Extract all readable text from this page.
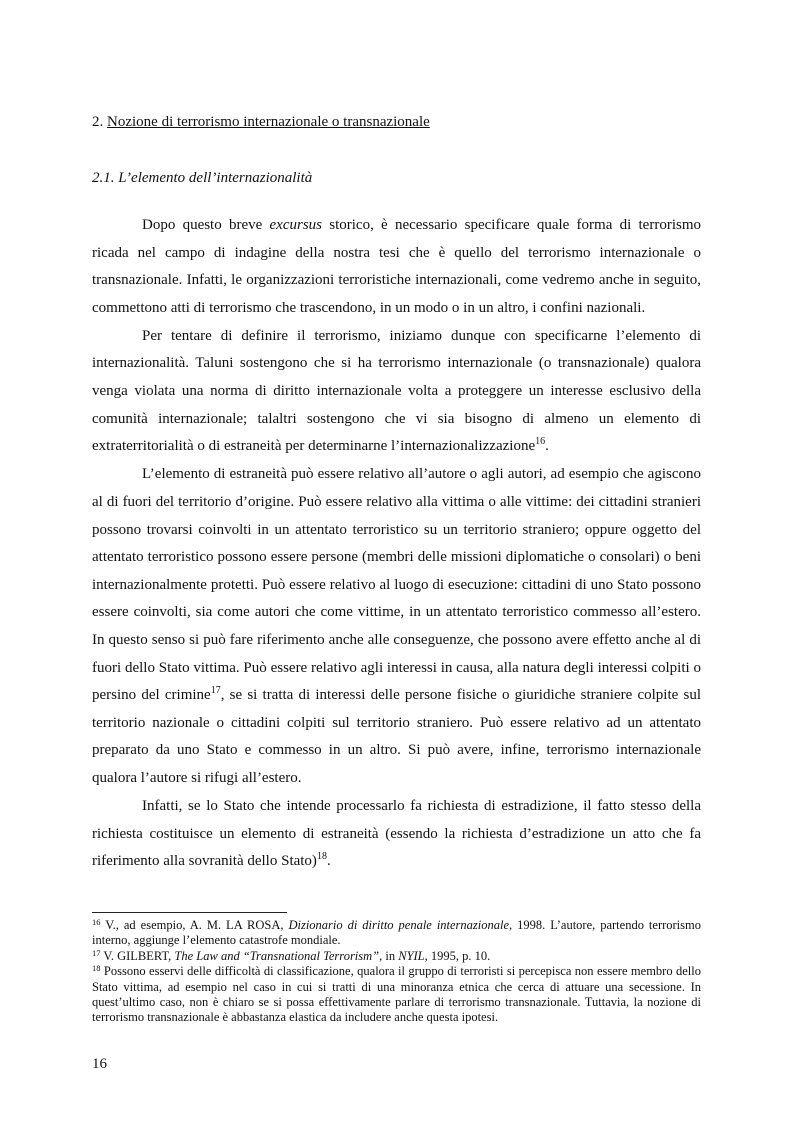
2. Nozione di terrorismo internazionale o transnazionale
2.1. L’elemento dell’internazionalità

Dopo questo breve excursus storico, è necessario specificare quale forma di terrorismo ricada nel campo di indagine della nostra tesi che è quello del terrorismo internazionale o transnazionale. Infatti, le organizzazioni terroristiche internazionali, come vedremo anche in seguito, commettono atti di terrorismo che trascendono, in un modo o in un altro, i confini nazionali.

Per tentare di definire il terrorismo, iniziamo dunque con specificarne l’elemento di internazionalità. Taluni sostengono che si ha terrorismo internazionale (o transnazionale) qualora venga violata una norma di diritto internazionale volta a proteggere un interesse esclusivo della comunità internazionale; talaltri sostengono che vi sia bisogno di almeno un elemento di extraterritorialità o di estraneità per determinarne l’internazionalizzazione$^{16}$.

L’elemento di estraneità può essere relativo all’autore o agli autori, ad esempio che agiscono al di fuori del territorio d’origine. Può essere relativo alla vittima o alle vittime: dei cittadini stranieri possono trovarsi coinvolti in un attentato terroristico su un territorio straniero; oppure oggetto del attentato terroristico possono essere persone (membri delle missioni diplomatiche o consolari) o beni internazionalmente protetti. Può essere relativo al luogo di esecuzione: cittadini di uno Stato possono essere coinvolti, sia come autori che come vittime, in un attentato terroristico commesso all’estero. In questo senso si può fare riferimento anche alle conseguenze, che possono avere effetto anche al di fuori dello Stato vittima. Può essere relativo agli interessi in causa, alla natura degli interessi colpiti o persino del crimine$^{17}$, se si tratta di interessi delle persone fisiche o giuridiche straniere colpite sul territorio nazionale o cittadini colpiti sul territorio straniero. Può essere relativo ad un attentato preparato da uno Stato e commesso in un altro. Si può avere, infine, terrorismo internazionale qualora l’autore si rifugi all’estero.

Infatti, se lo Stato che intende processarlo fa richiesta di estradizione, il fatto stesso della richiesta costituisce un elemento di estraneità (essendo la richiesta d’estradizione un atto che fa riferimento alla sovranità dello Stato)$^{18}$.

$^{16}$ V., ad esempio, A. M. LA ROSA, Dizionario di diritto penale internazionale, 1998. L’autore, partendo terrorismo interno, aggiunge l’elemento catastrofe mondiale.

$^{17}$ V. GILBERT, The Law and “Transnational Terrorism”, in NYIL, 1995, p. 10.

$^{18}$ Possono esservi delle difficoltà di classificazione, qualora il gruppo di terroristi si percepisca non essere membro dello Stato vittima, ad esempio nel caso in cui si tratti di una minoranza etnica che cerca di attuare una secessione. In quest’ultimo caso, non è chiaro se si possa effettivamente parlare di terrorismo transnazionale. Tuttavia, la nozione di terrorismo transnazionale è abbastanza elastica da includere anche questa ipotesi.

16
